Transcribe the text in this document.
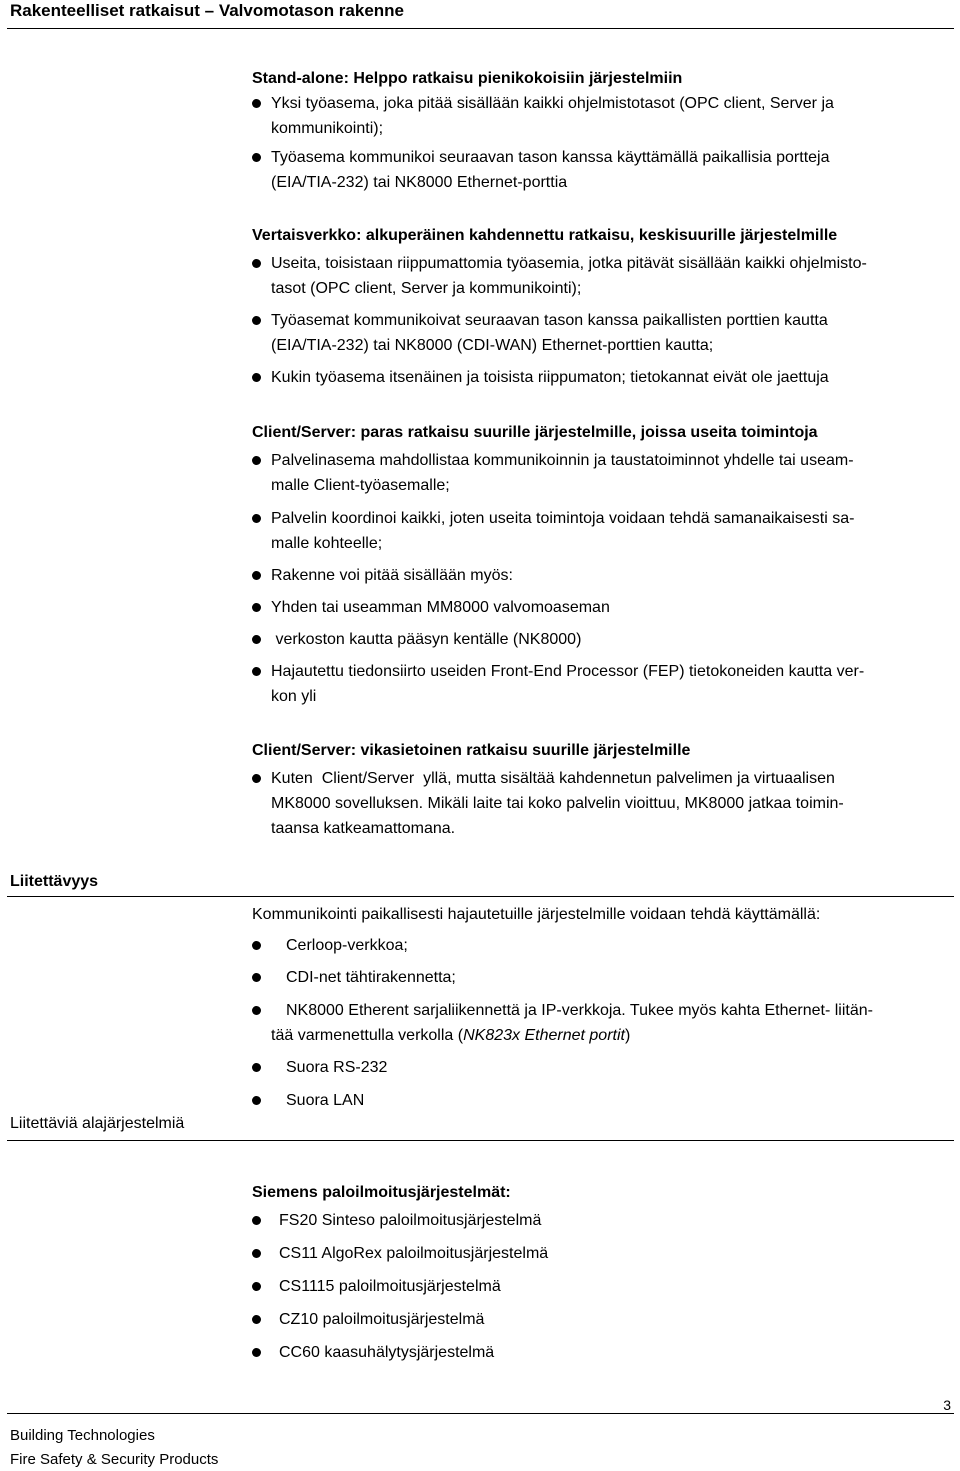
Rakenteelliset ratkaisut – Valvomotason rakenne
Stand-alone: Helppo ratkaisu pienikokoisiin järjestelmiin
Yksi työasema, joka pitää sisällään kaikki ohjelmistotasot (OPC client, Server ja
kommunikointi);
Työasema kommunikoi seuraavan tason kanssa käyttämällä paikallisia portteja
(EIA/TIA-232) tai NK8000 Ethernet-porttia
Vertaisverkko: alkuperäinen kahdennettu ratkaisu, keskisuurille järjestelmille
Useita, toisistaan riippumattomia työasemia, jotka pitävät sisällään kaikki ohjelmisto-
tasot (OPC client, Server ja kommunikointi);
Työasemat kommunikoivat seuraavan tason kanssa paikallisten porttien kautta
(EIA/TIA-232) tai NK8000 (CDI-WAN) Ethernet-porttien kautta;
Kukin työasema itsenäinen ja toisista riippumaton; tietokannat eivät ole jaettuja
Client/Server: paras ratkaisu suurille järjestelmille, joissa useita toimintoja
Palvelinasema mahdollistaa kommunikoinnin ja taustatoiminnot yhdelle tai useam-
malle Client-työasemalle;
Palvelin koordinoi kaikki, joten useita toimintoja voidaan tehdä samanaikaisesti sa-
malle kohteelle;
Rakenne voi pitää sisällään myös:
Yhden tai useamman MM8000 valvomoaseman
verkoston kautta pääsyn kentälle (NK8000)
Hajautettu tiedonsiirto useiden Front-End Processor (FEP) tietokoneiden kautta ver-
kon yli
Client/Server: vikasietoinen ratkaisu suurille järjestelmille
Kuten  Client/Server  yllä, mutta sisältää kahdennetun palvelimen ja virtuaalisen
MK8000 sovelluksen. Mikäli laite tai koko palvelin vioittuu, MK8000 jatkaa toimin-
taansa katkeamattomana.
Liitettävyys
Kommunikointi paikallisesti hajautetuille järjestelmille voidaan tehdä käyttämällä:
Cerloop-verkkoa;
CDI-net tähtirakennetta;
NK8000 Etherent sarjaliikennettä ja IP-verkkoja. Tukee myös kahta Ethernet- liitän-
tää varmenettulla verkolla (NK823x Ethernet portit)
Suora RS-232
Suora LAN
Liitettäviä alajärjestelmiä
Siemens paloilmoitusjärjestelmät:
FS20 Sinteso paloilmoitusjärjestelmä
CS11 AlgoRex paloilmoitusjärjestelmä
CS1115 paloilmoitusjärjestelmä
CZ10 paloilmoitusjärjestelmä
CC60 kaasuhälytysjärjestelmä
3
Building Technologies
Fire Safety & Security Products
